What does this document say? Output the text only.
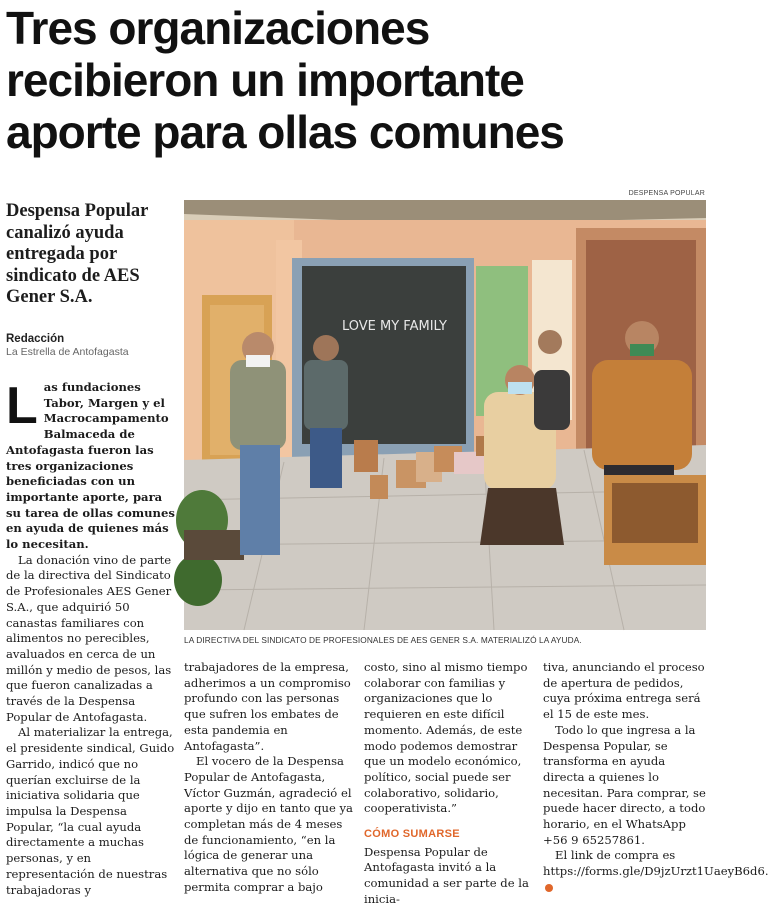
Tres organizaciones
recibieron un importante
aporte para ollas comunes
Despensa Popular canalizó ayuda entregada por sindicato de AES Gener S.A.
Redacción
La Estrella de Antofagasta
DESPENSA POPULAR
LOVE MY FAMILY
LA DIRECTIVA DEL SINDICATO DE PROFESIONALES DE AES GENER S.A. MATERIALIZÓ LA AYUDA.

Las fundaciones Tabor, Margen y el Macrocampamento Balmaceda de Antofagasta fueron las tres organizaciones beneficiadas con un importante aporte, para su tarea de ollas comunes en ayuda de quienes más lo necesitan.

La donación vino de parte de la directiva del Sindicato de Profesionales AES Gener S.A., que adquirió 50 canastas familiares con alimentos no perecibles, avaluados en cerca de un millón y medio de pesos, las que fueron canalizadas a través de la Despensa Popular de Antofagasta.

Al materializar la entrega, el presidente sindical, Guido Garrido, indicó que no querían excluirse de la iniciativa solidaria que impulsa la Despensa Popular, “la cual ayuda directamente a muchas personas, y en representación de nuestras trabajadoras y

trabajadores de la empresa, adherimos a un compromiso profundo con las personas que sufren los embates de esta pandemia en Antofagasta”.

El vocero de la Despensa Popular de Antofagasta, Víctor Guzmán, agradeció el aporte y dijo en tanto que ya completan más de 4 meses de funcionamiento, “en la lógica de generar una alternativa que no sólo permita comprar a bajo

costo, sino al mismo tiempo colaborar con familias y organizaciones que lo requieren en este difícil momento. Además, de este modo podemos demostrar que un modelo económico, político, social puede ser colaborativo, solidario, cooperativista.”

CÓMO SUMARSE

Despensa Popular de Antofagasta invitó a la comunidad a ser parte de la inicia-

tiva, anunciando el proceso de apertura de pedidos, cuya próxima entrega será el 15 de este mes.

Todo lo que ingresa a la Despensa Popular, se transforma en ayuda directa a quienes lo necesitan. Para comprar, se puede hacer directo, a todo horario, en el WhatsApp +56 9 65257861.

El link de compra es https://forms.gle/D9jzUrzt1UaeyB6d6.
